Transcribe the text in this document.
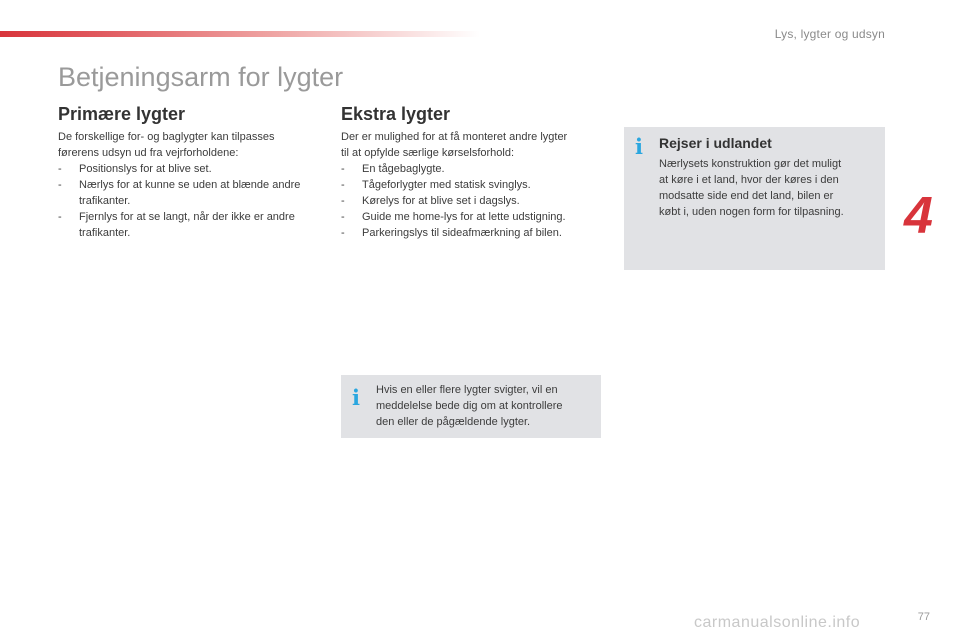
Lys, lygter og udsyn
Betjeningsarm for lygter
Primære lygter

De forskellige for- og baglygter kan tilpasses

førerens udsyn ud fra vejrforholdene:

- Positionslys for at blive set.
- Nærlys for at kunne se uden at blænde andre trafikanter.
- Fjernlys for at se langt, når der ikke er andre trafikanter.
Ekstra lygter

Der er mulighed for at få monteret andre lygter

til at opfylde særlige kørselsforhold:

- En tågebaglygte.
- Tågeforlygter med statisk svinglys.
- Kørelys for at blive set i dagslys.
- Guide me home-lys for at lette udstigning.
- Parkeringslys til sideafmærkning af bilen.
i Rejser i udlandet
Nærlysets konstruktion gør det muligt
at køre i et land, hvor der køres i den
modsatte side end det land, bilen er
købt i, uden nogen form for tilpasning.
i Hvis en eller flere lygter svigter, vil en
meddelelse bede dig om at kontrollere
den eller de pågældende lygter.
4
carmanualsonline.info	77
